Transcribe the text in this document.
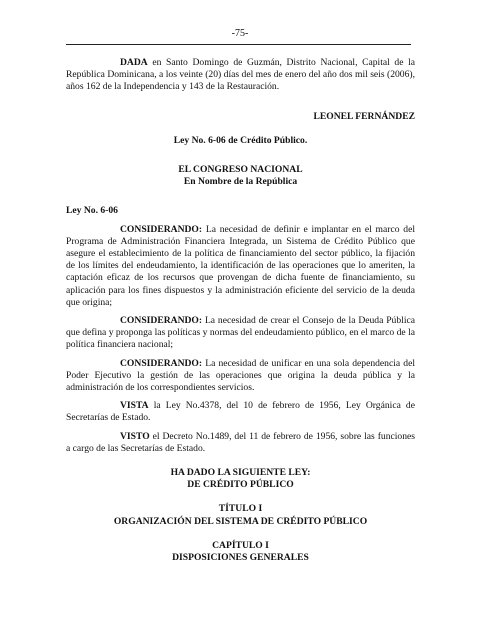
-75-

DADA en Santo Domingo de Guzmán, Distrito Nacional, Capital de la República Dominicana, a los veinte (20) días del mes de enero del año dos mil seis (2006), años 162 de la Independencia y 143 de la Restauración.

LEONEL FERNÁNDEZ

Ley No. 6-06 de Crédito Público.

EL CONGRESO NACIONAL

En Nombre de la República

Ley No. 6-06

CONSIDERANDO: La necesidad de definir e implantar en el marco del Programa de Administración Financiera Integrada, un Sistema de Crédito Público que asegure el establecimiento de la política de financiamiento del sector público, la fijación de los límites del endeudamiento, la identificación de las operaciones que lo ameriten, la captación eficaz de los recursos que provengan de dicha fuente de financiamiento, su aplicación para los fines dispuestos y la administración eficiente del servicio de la deuda que origina;

CONSIDERANDO: La necesidad de crear el Consejo de la Deuda Pública que defina y proponga las políticas y normas del endeudamiento público, en el marco de la política financiera nacional;

CONSIDERANDO: La necesidad de unificar en una sola dependencia del Poder Ejecutivo la gestión de las operaciones que origina la deuda pública y la administración de los correspondientes servicios.

VISTA la Ley No.4378, del 10 de febrero de 1956, Ley Orgánica de Secretarías de Estado.

VISTO el Decreto No.1489, del 11 de febrero de 1956, sobre las funciones a cargo de las Secretarías de Estado.

HA DADO LA SIGUIENTE LEY:

DE CRÉDITO PÚBLICO

TÍTULO I

ORGANIZACIÓN DEL SISTEMA DE CRÉDITO PÚBLICO

CAPÍTULO I

DISPOSICIONES GENERALES
